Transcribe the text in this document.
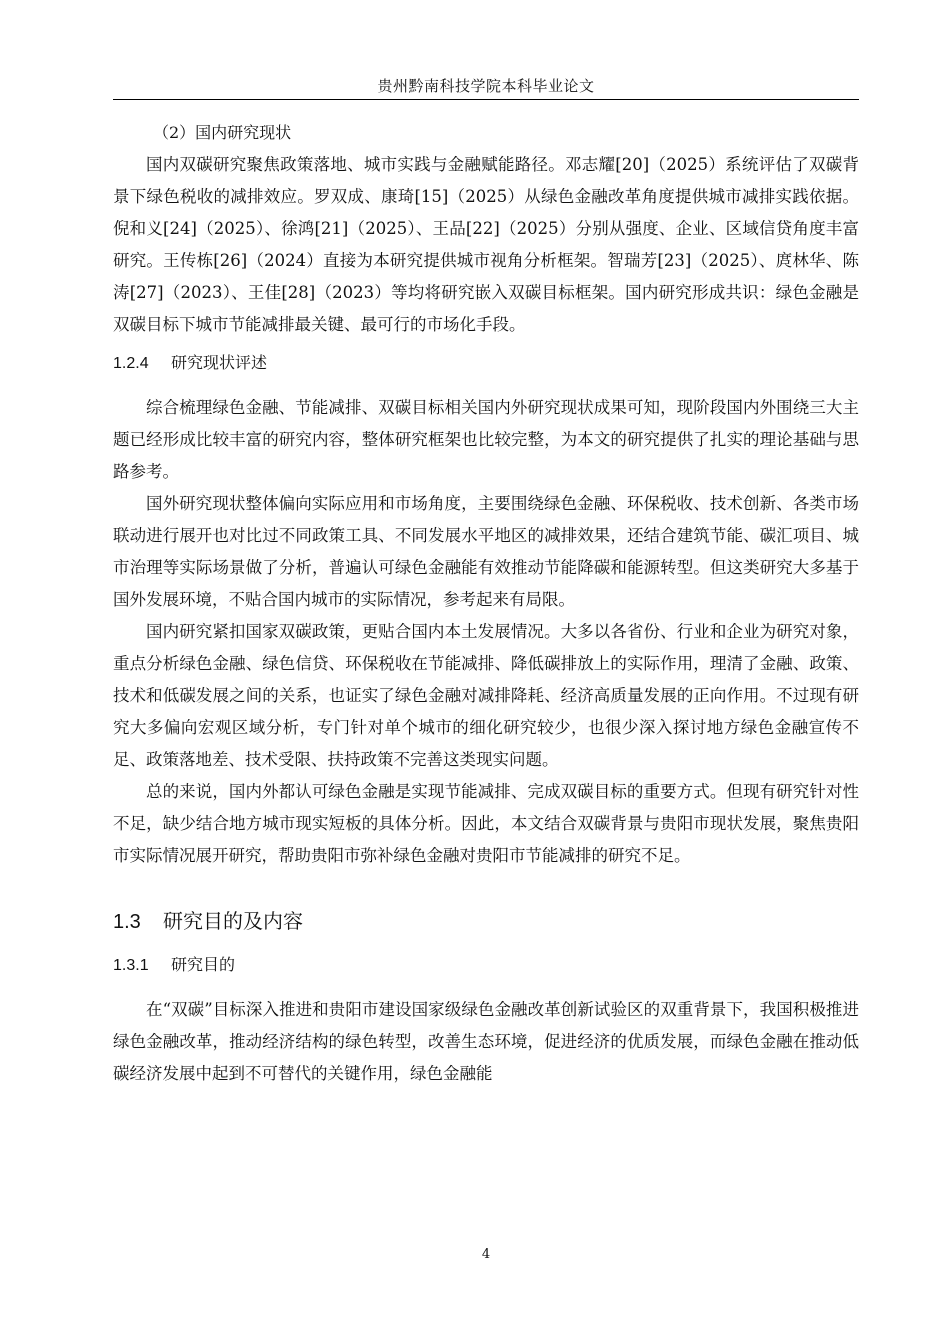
贵州黔南科技学院本科毕业论文

（2）国内研究现状

国内双碳研究聚焦政策落地、城市实践与金融赋能路径。邓志耀[20]（2025）系统评估了双碳背景下绿色税收的减排效应。罗双成、康琦[15]（2025）从绿色金融改革角度提供城市减排实践依据。倪和义[24]（2025）、徐鸿[21]（2025）、王品[22]（2025）分别从强度、企业、区域信贷角度丰富研究。王传栋[26]（2024）直接为本研究提供城市视角分析框架。智瑞芳[23]（2025）、庹林华、陈涛[27]（2023）、王佳[28]（2023）等均将研究嵌入双碳目标框架。国内研究形成共识：绿色金融是双碳目标下城市节能减排最关键、最可行的市场化手段。

1.2.4 研究现状评述

综合梳理绿色金融、节能减排、双碳目标相关国内外研究现状成果可知，现阶段国内外围绕三大主题已经形成比较丰富的研究内容，整体研究框架也比较完整，为本文的研究提供了扎实的理论基础与思路参考。

国外研究现状整体偏向实际应用和市场角度，主要围绕绿色金融、环保税收、技术创新、各类市场联动进行展开也对比过不同政策工具、不同发展水平地区的减排效果，还结合建筑节能、碳汇项目、城市治理等实际场景做了分析，普遍认可绿色金融能有效推动节能降碳和能源转型。但这类研究大多基于国外发展环境，不贴合国内城市的实际情况，参考起来有局限。

国内研究紧扣国家双碳政策，更贴合国内本土发展情况。大多以各省份、行业和企业为研究对象，重点分析绿色金融、绿色信贷、环保税收在节能减排、降低碳排放上的实际作用，理清了金融、政策、技术和低碳发展之间的关系，也证实了绿色金融对减排降耗、经济高质量发展的正向作用。不过现有研究大多偏向宏观区域分析，专门针对单个城市的细化研究较少，也很少深入探讨地方绿色金融宣传不足、政策落地差、技术受限、扶持政策不完善这类现实问题。

总的来说，国内外都认可绿色金融是实现节能减排、完成双碳目标的重要方式。但现有研究针对性不足，缺少结合地方城市现实短板的具体分析。因此，本文结合双碳背景与贵阳市现状发展，聚焦贵阳市实际情况展开研究，帮助贵阳市弥补绿色金融对贵阳市节能减排的研究不足。

1.3 研究目的及内容
1.3.1 研究目的

在“双碳”目标深入推进和贵阳市建设国家级绿色金融改革创新试验区的双重背景下，我国积极推进绿色金融改革，推动经济结构的绿色转型，改善生态环境，促进经济的优质发展，而绿色金融在推动低碳经济发展中起到不可替代的关键作用，绿色金融能

4
